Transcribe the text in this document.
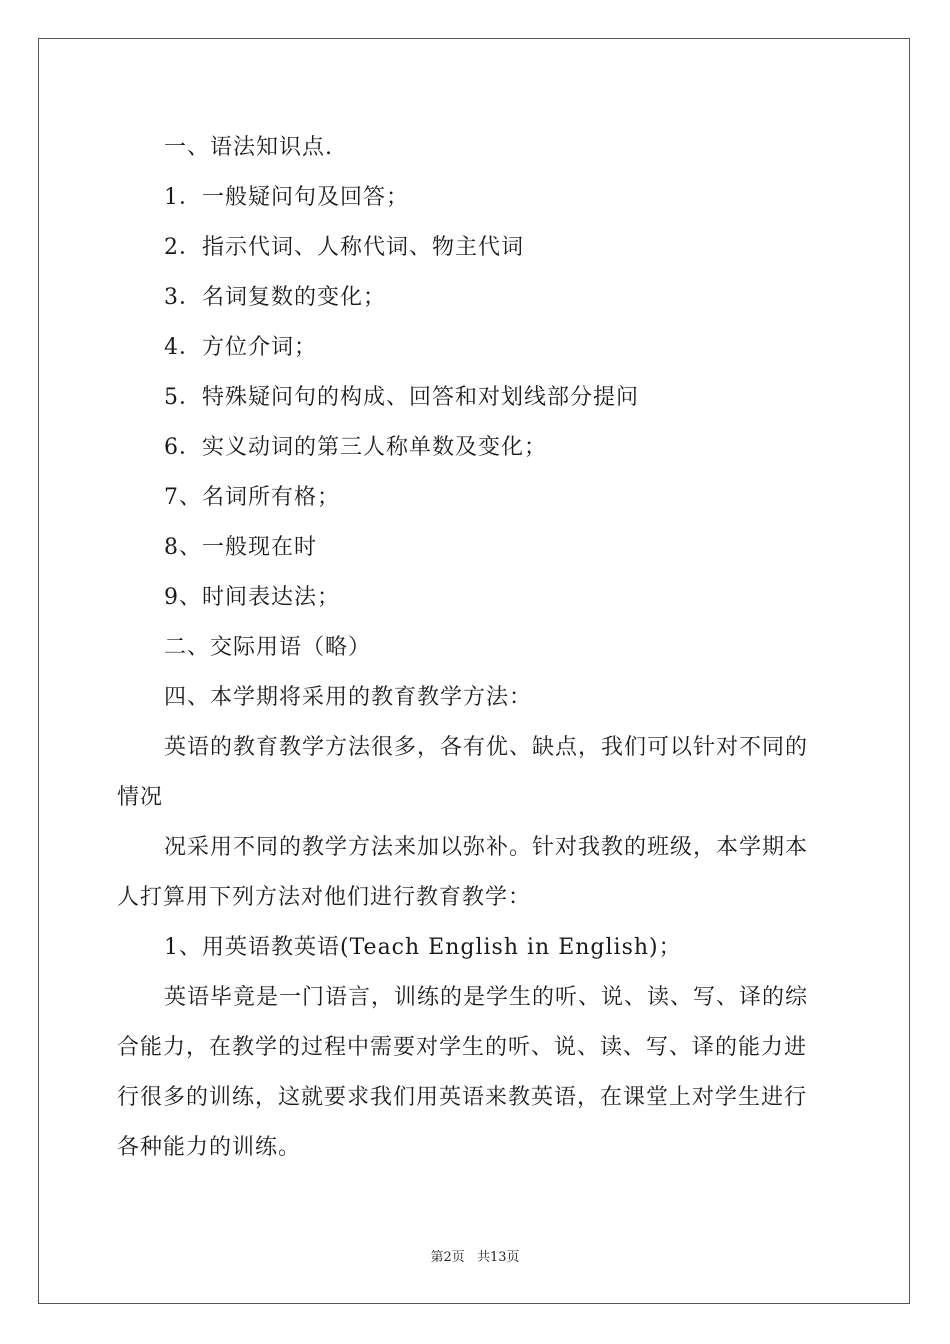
一、语法知识点.
1．一般疑问句及回答；
2．指示代词、人称代词、物主代词
3．名词复数的变化；
4．方位介词；
5．特殊疑问句的构成、回答和对划线部分提问
6．实义动词的第三人称单数及变化；
7、名词所有格；
8、一般现在时
9、时间表达法；
二、交际用语（略）
四、本学期将采用的教育教学方法：
英语的教育教学方法很多，各有优、缺点，我们可以针对不同的
情况
况采用不同的教学方法来加以弥补。针对我教的班级，本学期本
人打算用下列方法对他们进行教育教学：
1、用英语教英语(Teach English in English)；
英语毕竟是一门语言，训练的是学生的听、说、读、写、译的综
合能力，在教学的过程中需要对学生的听、说、读、写、译的能力进
行很多的训练，这就要求我们用英语来教英语，在课堂上对学生进行
各种能力的训练。
第2页 共13页
